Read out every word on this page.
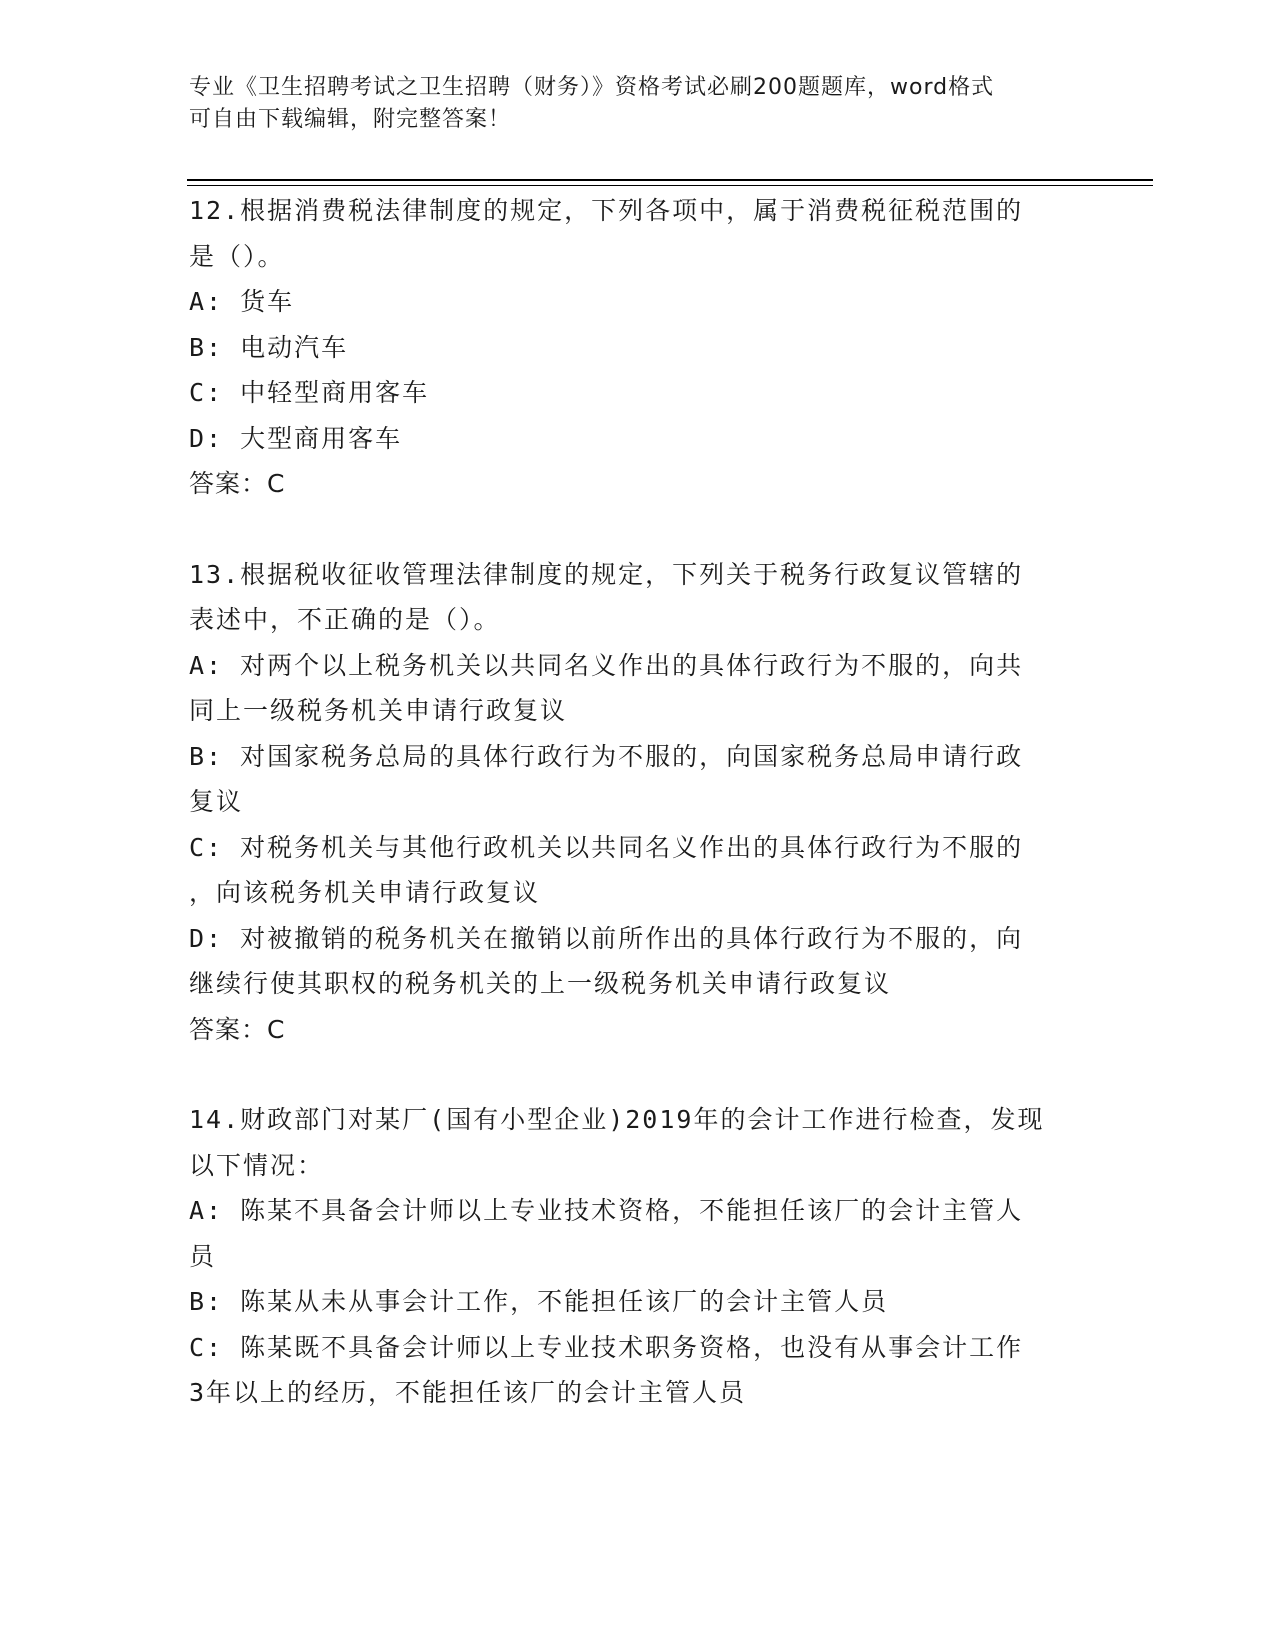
专业《卫生招聘考试之卫生招聘（财务）》资格考试必刷200题题库，word格式
可自由下载编辑，附完整答案！
12.根据消费税法律制度的规定，下列各项中，属于消费税征税范围的
是（）。
A: 货车
B: 电动汽车
C: 中轻型商用客车
D: 大型商用客车
答案：C
13.根据税收征收管理法律制度的规定，下列关于税务行政复议管辖的
表述中，不正确的是（）。
A: 对两个以上税务机关以共同名义作出的具体行政行为不服的，向共
同上一级税务机关申请行政复议
B: 对国家税务总局的具体行政行为不服的，向国家税务总局申请行政
复议
C: 对税务机关与其他行政机关以共同名义作出的具体行政行为不服的
，向该税务机关申请行政复议
D: 对被撤销的税务机关在撤销以前所作出的具体行政行为不服的，向
继续行使其职权的税务机关的上一级税务机关申请行政复议
答案：C
14.财政部门对某厂(国有小型企业)2019年的会计工作进行检查，发现
以下情况：
A: 陈某不具备会计师以上专业技术资格，不能担任该厂的会计主管人
员
B: 陈某从未从事会计工作，不能担任该厂的会计主管人员
C: 陈某既不具备会计师以上专业技术职务资格，也没有从事会计工作
3年以上的经历，不能担任该厂的会计主管人员
